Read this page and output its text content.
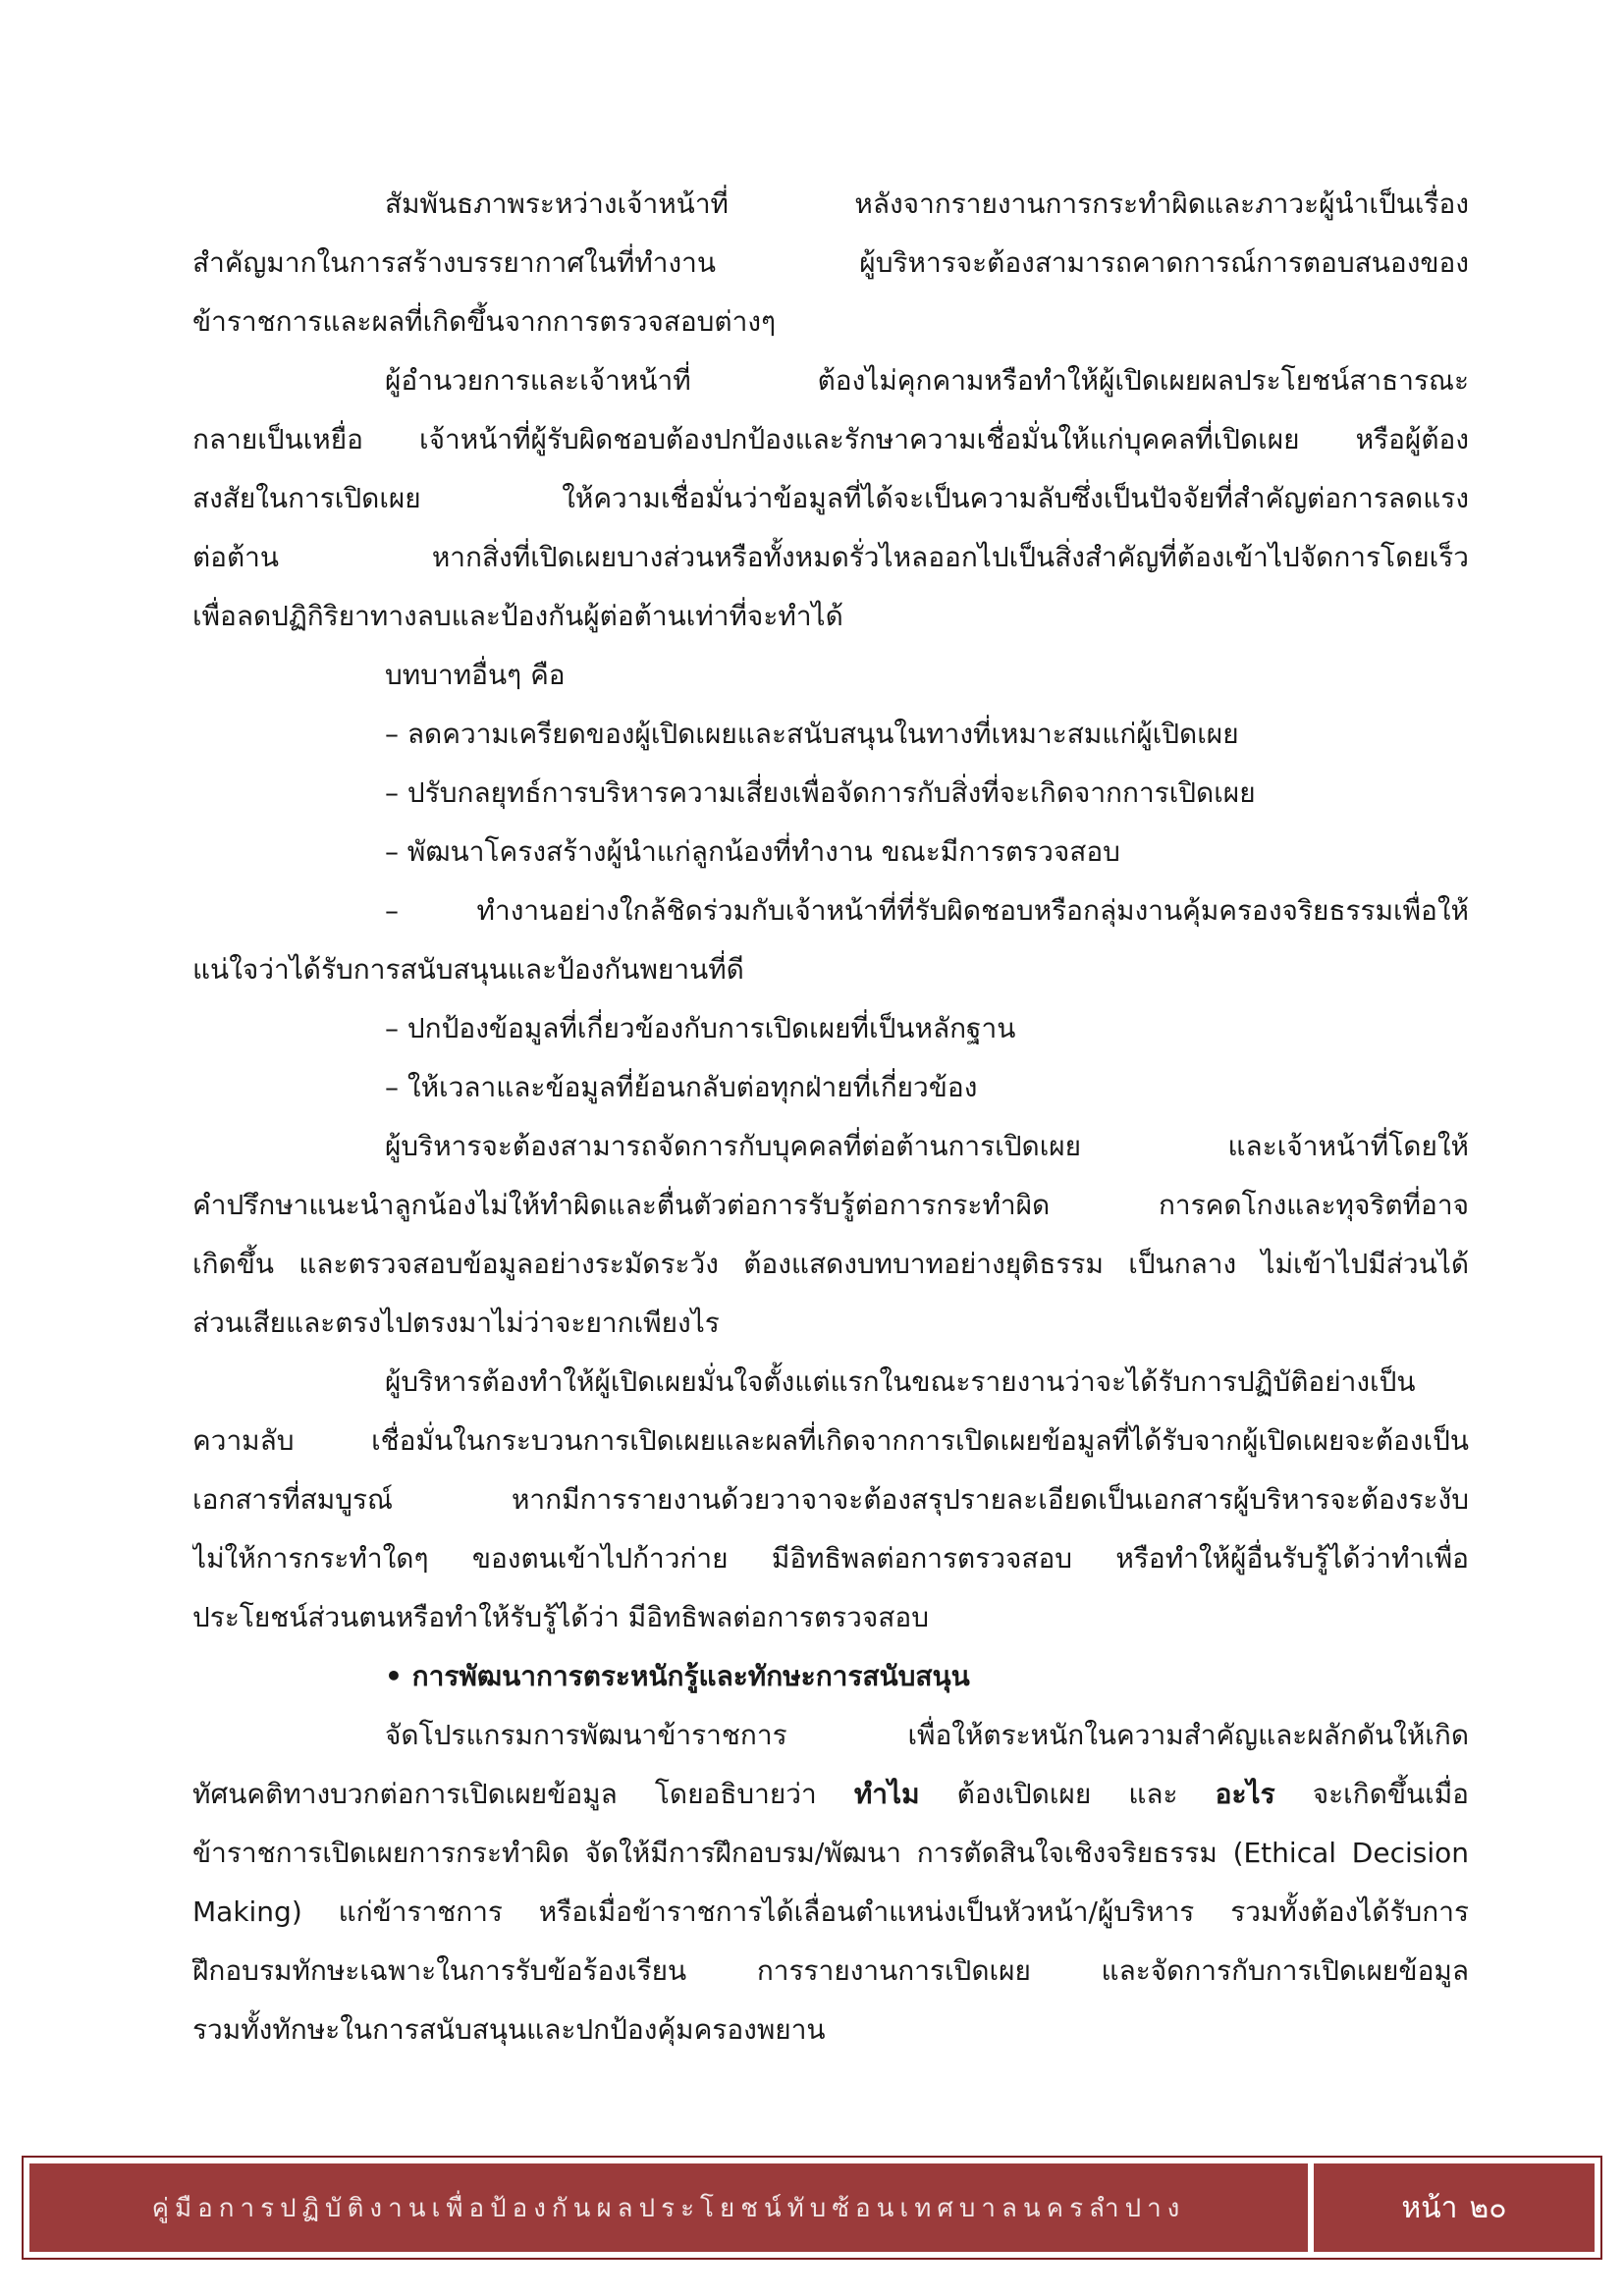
สัมพันธภาพระหว่างเจ้าหน้าที่ หลังจากรายงานการกระทำผิดและภาวะผู้นำเป็นเรื่อง
สำคัญมากในการสร้างบรรยากาศในที่ทำงาน ผู้บริหารจะต้องสามารถคาดการณ์การตอบสนองของ
ข้าราชการและผลที่เกิดขึ้นจากการตรวจสอบต่างๆ
ผู้อำนวยการและเจ้าหน้าที่ ต้องไม่คุกคามหรือทำให้ผู้เปิดเผยผลประโยชน์สาธารณะ
กลายเป็นเหยื่อ เจ้าหน้าที่ผู้รับผิดชอบต้องปกป้องและรักษาความเชื่อมั่นให้แก่บุคคลที่เปิดเผย หรือผู้ต้อง
สงสัยในการเปิดเผย ให้ความเชื่อมั่นว่าข้อมูลที่ได้จะเป็นความลับซึ่งเป็นปัจจัยที่สำคัญต่อการลดแรง
ต่อต้าน หากสิ่งที่เปิดเผยบางส่วนหรือทั้งหมดรั่วไหลออกไปเป็นสิ่งสำคัญที่ต้องเข้าไปจัดการโดยเร็ว
เพื่อลดปฏิกิริยาทางลบและป้องกันผู้ต่อต้านเท่าที่จะทำได้
บทบาทอื่นๆ คือ
– ลดความเครียดของผู้เปิดเผยและสนับสนุนในทางที่เหมาะสมแก่ผู้เปิดเผย
– ปรับกลยุทธ์การบริหารความเสี่ยงเพื่อจัดการกับสิ่งที่จะเกิดจากการเปิดเผย
– พัฒนาโครงสร้างผู้นำแก่ลูกน้องที่ทำงาน ขณะมีการตรวจสอบ
– ทำงานอย่างใกล้ชิดร่วมกับเจ้าหน้าที่ที่รับผิดชอบหรือกลุ่มงานคุ้มครองจริยธรรมเพื่อให้
แน่ใจว่าได้รับการสนับสนุนและป้องกันพยานที่ดี
– ปกป้องข้อมูลที่เกี่ยวข้องกับการเปิดเผยที่เป็นหลักฐาน
– ให้เวลาและข้อมูลที่ย้อนกลับต่อทุกฝ่ายที่เกี่ยวข้อง
ผู้บริหารจะต้องสามารถจัดการกับบุคคลที่ต่อต้านการเปิดเผย และเจ้าหน้าที่โดยให้
คำปรึกษาแนะนำลูกน้องไม่ให้ทำผิดและตื่นตัวต่อการรับรู้ต่อการกระทำผิด การคดโกงและทุจริตที่อาจ
เกิดขึ้น และตรวจสอบข้อมูลอย่างระมัดระวัง ต้องแสดงบทบาทอย่างยุติธรรม เป็นกลาง ไม่เข้าไปมีส่วนได้
ส่วนเสียและตรงไปตรงมาไม่ว่าจะยากเพียงไร
ผู้บริหารต้องทำให้ผู้เปิดเผยมั่นใจตั้งแต่แรกในขณะรายงานว่าจะได้รับการปฏิบัติอย่างเป็น
ความลับ เชื่อมั่นในกระบวนการเปิดเผยและผลที่เกิดจากการเปิดเผยข้อมูลที่ได้รับจากผู้เปิดเผยจะต้องเป็น
เอกสารที่สมบูรณ์ หากมีการรายงานด้วยวาจาจะต้องสรุปรายละเอียดเป็นเอกสารผู้บริหารจะต้องระงับ
ไม่ให้การกระทำใดๆ ของตนเข้าไปก้าวก่าย มีอิทธิพลต่อการตรวจสอบ หรือทำให้ผู้อื่นรับรู้ได้ว่าทำเพื่อ
ประโยชน์ส่วนตนหรือทำให้รับรู้ได้ว่า มีอิทธิพลต่อการตรวจสอบ
• การพัฒนาการตระหนักรู้และทักษะการสนับสนุน
จัดโปรแกรมการพัฒนาข้าราชการ เพื่อให้ตระหนักในความสำคัญและผลักดันให้เกิด
ทัศนคติทางบวกต่อการเปิดเผยข้อมูล โดยอธิบายว่า ทำไม ต้องเปิดเผย และ อะไร จะเกิดขึ้นเมื่อ
ข้าราชการเปิดเผยการกระทำผิด จัดให้มีการฝึกอบรม/พัฒนา การตัดสินใจเชิงจริยธรรม (Ethical Decision
Making) แก่ข้าราชการ หรือเมื่อข้าราชการได้เลื่อนตำแหน่งเป็นหัวหน้า/ผู้บริหาร รวมทั้งต้องได้รับการ
ฝึกอบรมทักษะเฉพาะในการรับข้อร้องเรียน การรายงานการเปิดเผย และจัดการกับการเปิดเผยข้อมูล
รวมทั้งทักษะในการสนับสนุนและปกป้องคุ้มครองพยาน
คู่มือการปฏิบัติงานเพื่อป้องกันผลประโยชน์ทับซ้อนเทศบาลนครลำปาง	หน้า ๒๐
